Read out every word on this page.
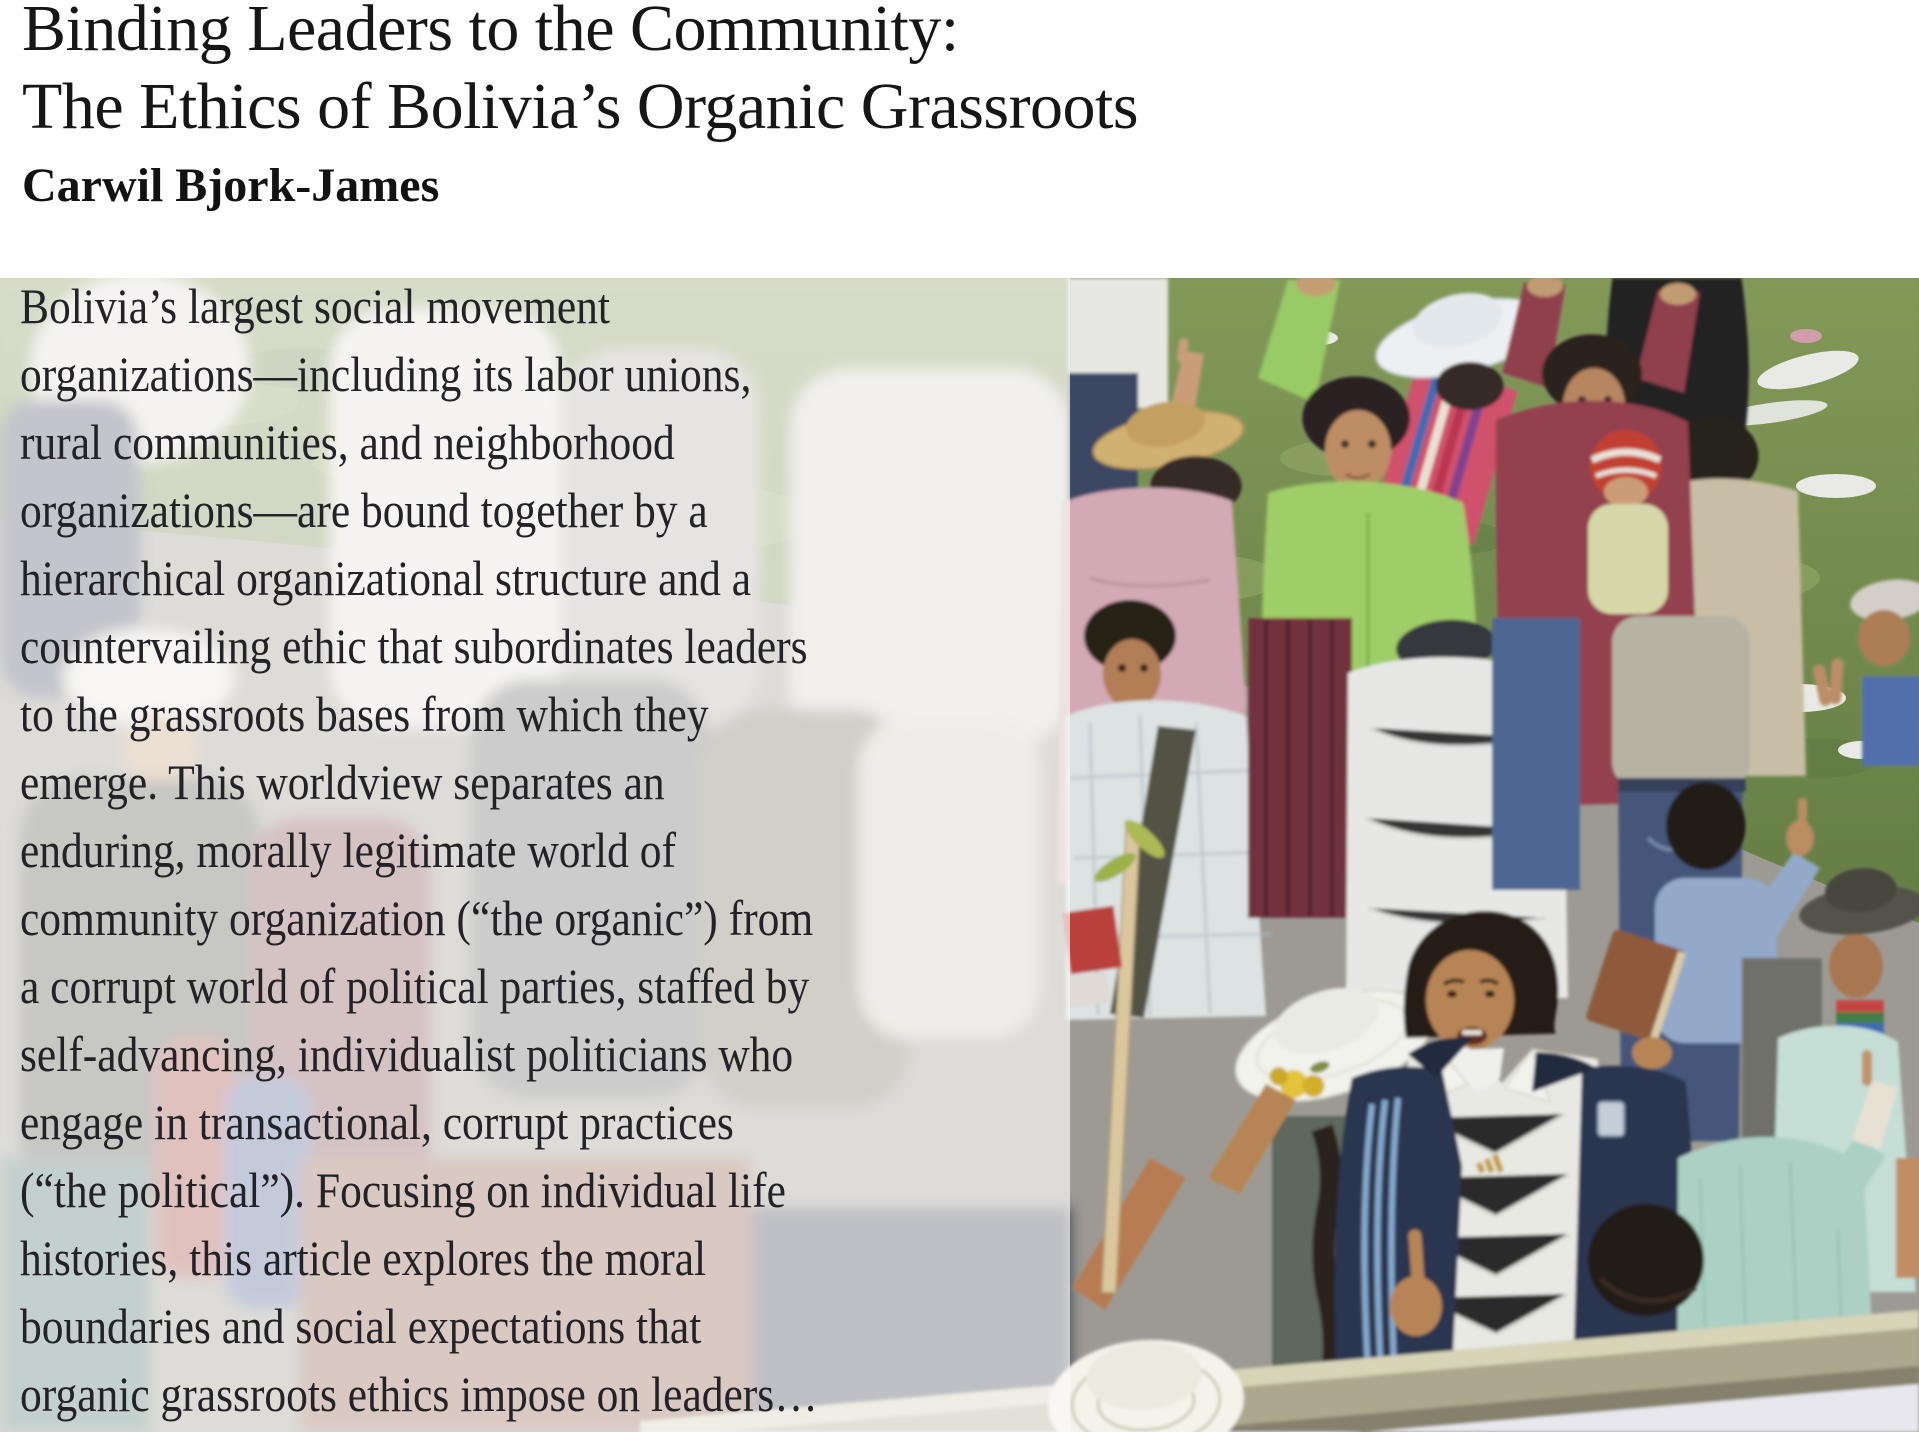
Binding Leaders to the Community:
The Ethics of Bolivia’s Organic Grassroots
Carwil Bjork-James
Bolivia’s largest social movement
organizations—including its labor unions,
rural communities, and neighborhood
organizations—are bound together by a
hierarchical organizational structure and a
countervailing ethic that subordinates leaders
to the grassroots bases from which they
emerge. This worldview separates an
enduring, morally legitimate world of
community organization (“the organic”) from
a corrupt world of political parties, staffed by
self-advancing, individualist politicians who
engage in transactional, corrupt practices
(“the political”). Focusing on individual life
histories, this article explores the moral
boundaries and social expectations that
organic grassroots ethics impose on leaders…
